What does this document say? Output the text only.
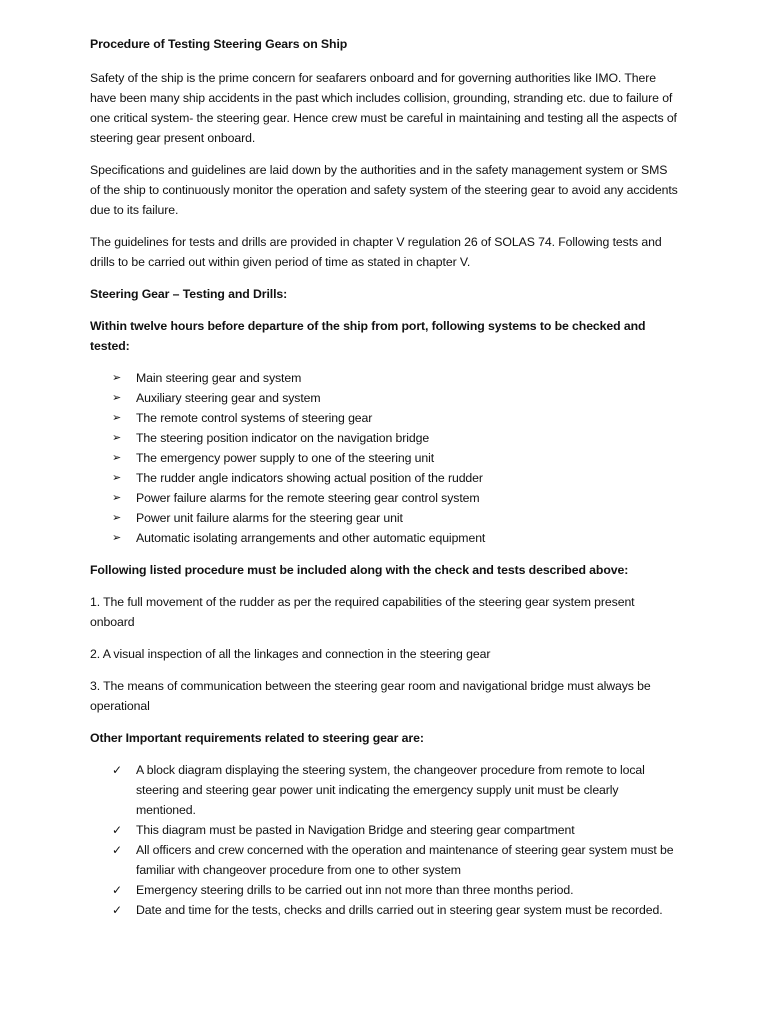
Procedure of Testing Steering Gears on Ship

Safety of the ship is the prime concern for seafarers onboard and for governing authorities like IMO. There have been many ship accidents in the past which includes collision, grounding, stranding etc. due to failure of one critical system- the steering gear. Hence crew must be careful in maintaining and testing all the aspects of steering gear present onboard.

Specifications and guidelines are laid down by the authorities and in the safety management system or SMS of the ship to continuously monitor the operation and safety system of the steering gear to avoid any accidents due to its failure.

The guidelines for tests and drills are provided in chapter V regulation 26 of SOLAS 74. Following tests and drills to be carried out within given period of time as stated in chapter V.

Steering Gear – Testing and Drills:
Within twelve hours before departure of the ship from port, following systems to be checked and tested:
➢	Main steering gear and system
➢	Auxiliary steering gear and system
➢	The remote control systems of steering gear
➢	The steering position indicator on the navigation bridge
➢	The emergency power supply to one of the steering unit
➢	The rudder angle indicators showing actual position of the rudder
➢	Power failure alarms for the remote steering gear control system
➢	Power unit failure alarms for the steering gear unit
➢	Automatic isolating arrangements and other automatic equipment
Following listed procedure must be included along with the check and tests described above:

1. The full movement of the rudder as per the required capabilities of the steering gear system present onboard

2. A visual inspection of all the linkages and connection in the steering gear

3. The means of communication between the steering gear room and navigational bridge must always be operational

Other Important requirements related to steering gear are:
✓	A block diagram displaying the steering system, the changeover procedure from remote to local steering and steering gear power unit indicating the emergency supply unit must be clearly mentioned.
✓	This diagram must be pasted in Navigation Bridge and steering gear compartment
✓	All officers and crew concerned with the operation and maintenance of steering gear system must be familiar with changeover procedure from one to other system
✓	Emergency steering drills to be carried out inn not more than three months period.
✓	Date and time for the tests, checks and drills carried out in steering gear system must be recorded.
